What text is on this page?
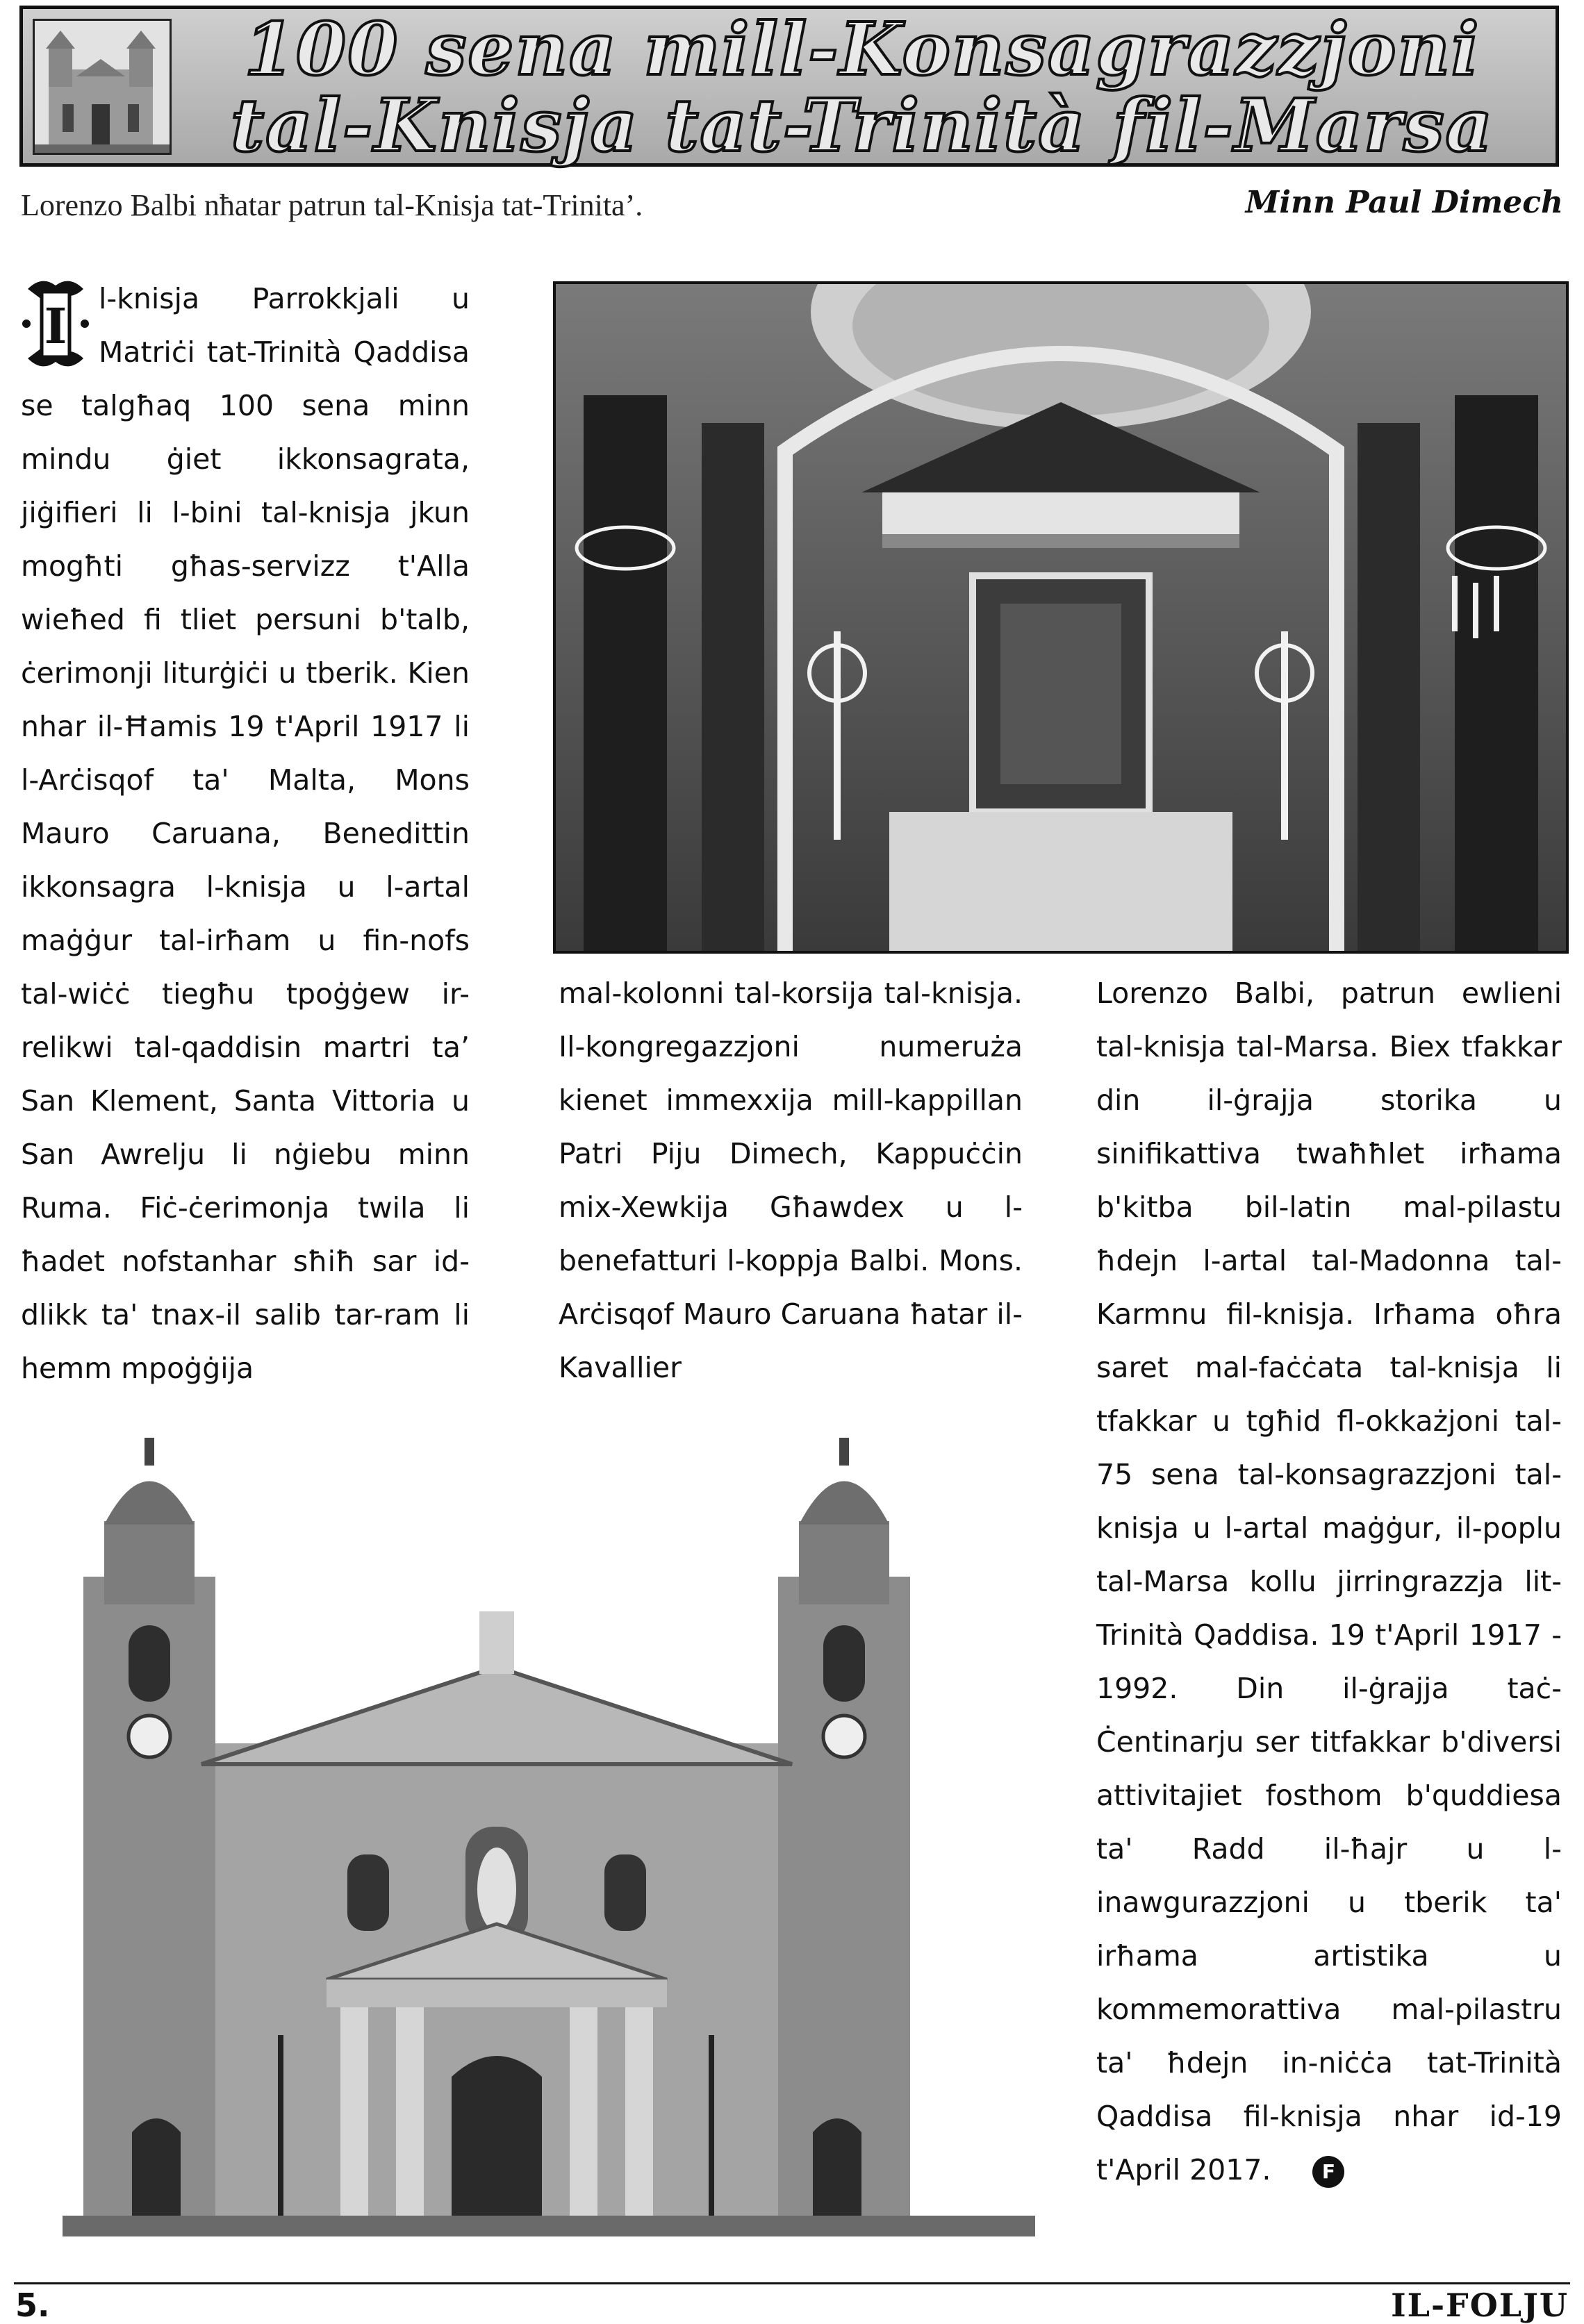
100 sena mill-Konsagrazzjoni
tal-Knisja tat-Trinità fil-Marsa
Lorenzo Balbi nħatar patrun tal-Knisja tat-Trinita’.	Minn Paul Dimech
I	l-knisja Parrokkjali u Matriċi tat-Trinità Qaddisa se talgħaq 100 sena minn mindu ġiet ikkonsagrata, jiġifieri li l-bini tal-knisja jkun mogħti għas-servizz t'Alla wieħed fi tliet persuni b'talb, ċerimonji liturġiċi u tberik. Kien nhar il-Ħamis 19 t'April 1917 li l-Arċisqof ta' Malta, Mons Mauro Caruana, Benedittin ikkonsagra l-knisja u l-artal maġġur tal-irħam u fin-nofs tal-wiċċ tiegħu tpoġġew ir-relikwi tal-qaddisin martri ta’ San Klement, Santa Vittoria u San Awrelju li nġiebu minn Ruma. Fiċ-ċerimonja twila li ħadet nofstanhar sħiħ sar id-dlikk ta' tnax-il salib tar-ram li hemm mpoġġija

mal-kolonni tal-korsija tal-knisja. Il-kongregazzjoni numeruża kienet immexxija mill-kappillan Patri Piju Dimech, Kappuċċin mix-Xewkija Għawdex u l-benefatturi l-koppja Balbi. Mons. Arċisqof Mauro Caruana ħatar il-Kavallier

Lorenzo Balbi, patrun ewlieni tal-knisja tal-Marsa. Biex tfakkar din il-ġrajja storika u sinifikattiva twaħħlet irħama b'kitba bil-latin mal-pilastu ħdejn l-artal tal-Madonna tal-Karmnu fil-knisja. Irħama oħra saret mal-faċċata tal-knisja li tfakkar u tgħid fl-okkażjoni tal-75 sena tal-konsagrazzjoni tal-knisja u l-artal maġġur, il-poplu tal-Marsa kollu jirringrazzja lit-Trinità Qaddisa. 19 t'April 1917 - 1992. Din il-ġrajja taċ-Ċentinarju ser titfakkar b'diversi attivitajiet fosthom b'quddiesa ta' Radd il-ħajr u l-inawgurazzjoni u tberik ta' irħama artistika u kommemorattiva mal-pilastru ta' ħdejn in-niċċa tat-Trinità Qaddisa fil-knisja nhar id-19 t'April 2017.	F

5.	IL-FOLJU
